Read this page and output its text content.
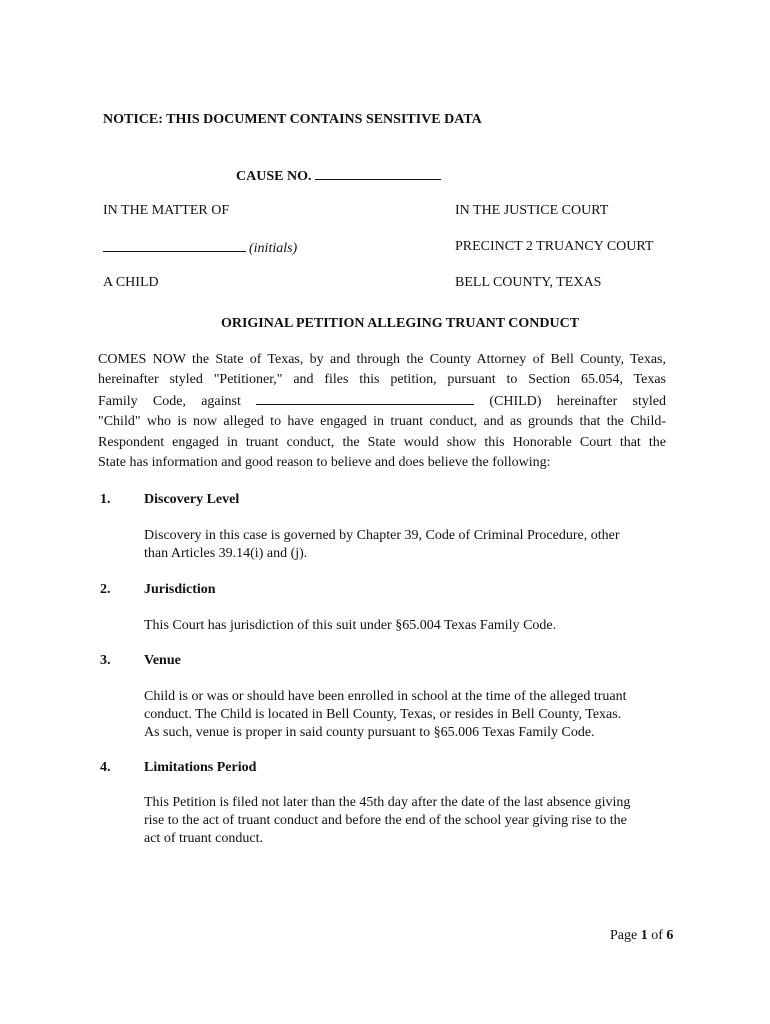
NOTICE: THIS DOCUMENT CONTAINS SENSITIVE DATA
CAUSE NO.
IN THE MATTER OF
(initials)
A CHILD
IN THE JUSTICE COURT
PRECINCT 2 TRUANCY COURT
BELL COUNTY, TEXAS
ORIGINAL PETITION ALLEGING TRUANT CONDUCT
COMES NOW the State of Texas, by and through the County Attorney of Bell County, Texas,
hereinafter styled "Petitioner," and files this petition, pursuant to Section 65.054, Texas
Family Code, against	(CHILD) hereinafter styled
"Child" who is now alleged to have engaged in truant conduct, and as grounds that the Child-
Respondent engaged in truant conduct, the State would show this Honorable Court that the
State has information and good reason to believe and does believe the following:
1. Discovery Level
Discovery in this case is governed by Chapter 39, Code of Criminal Procedure, other
than Articles 39.14(i) and (j).
2. Jurisdiction
This Court has jurisdiction of this suit under §65.004 Texas Family Code.
3. Venue
Child is or was or should have been enrolled in school at the time of the alleged truant
conduct. The Child is located in Bell County, Texas, or resides in Bell County, Texas.
As such, venue is proper in said county pursuant to §65.006 Texas Family Code.
4. Limitations Period
This Petition is filed not later than the 45th day after the date of the last absence giving
rise to the act of truant conduct and before the end of the school year giving rise to the
act of truant conduct.
Page 1 of 6
